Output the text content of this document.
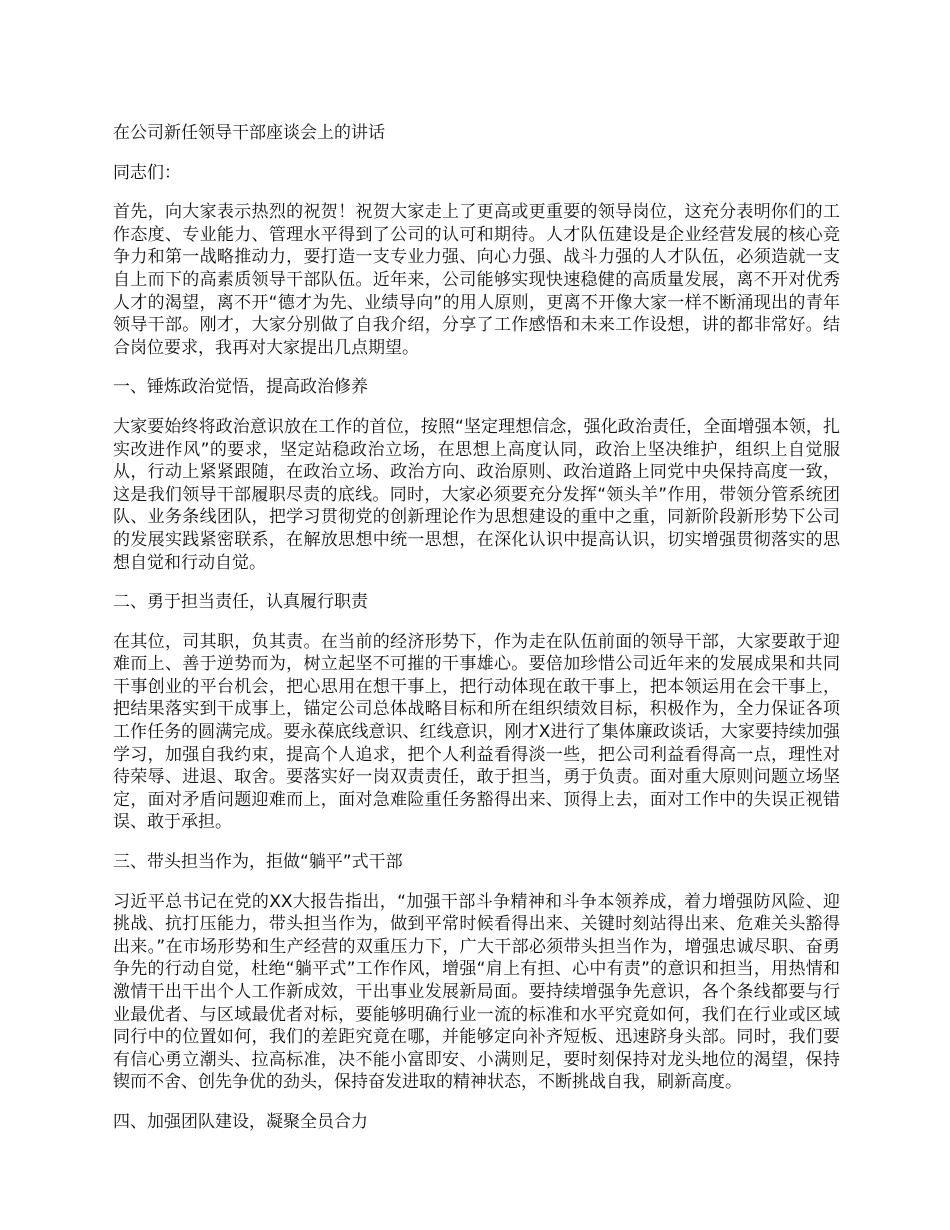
在公司新任领导干部座谈会上的讲话

同志们：

首先，向大家表示热烈的祝贺！祝贺大家走上了更高或更重要的领导岗位，这充分表明你们的工作态度、专业能力、管理水平得到了公司的认可和期待。人才队伍建设是企业经营发展的核心竞争力和第一战略推动力，要打造一支专业力强、向心力强、战斗力强的人才队伍，必须造就一支自上而下的高素质领导干部队伍。近年来，公司能够实现快速稳健的高质量发展，离不开对优秀人才的渴望，离不开“德才为先、业绩导向”的用人原则，更离不开像大家一样不断涌现出的青年领导干部。刚才，大家分别做了自我介绍，分享了工作感悟和未来工作设想，讲的都非常好。结合岗位要求，我再对大家提出几点期望。

一、锤炼政治觉悟，提高政治修养

大家要始终将政治意识放在工作的首位，按照“坚定理想信念，强化政治责任，全面增强本领，扎实改进作风”的要求，坚定站稳政治立场，在思想上高度认同，政治上坚决维护，组织上自觉服从，行动上紧紧跟随，在政治立场、政治方向、政治原则、政治道路上同党中央保持高度一致，这是我们领导干部履职尽责的底线。同时，大家必须要充分发挥“领头羊”作用，带领分管系统团队、业务条线团队，把学习贯彻党的创新理论作为思想建设的重中之重，同新阶段新形势下公司的发展实践紧密联系，在解放思想中统一思想，在深化认识中提高认识，切实增强贯彻落实的思想自觉和行动自觉。

二、勇于担当责任，认真履行职责

在其位，司其职，负其责。在当前的经济形势下，作为走在队伍前面的领导干部，大家要敢于迎难而上、善于逆势而为，树立起坚不可摧的干事雄心。要倍加珍惜公司近年来的发展成果和共同干事创业的平台机会，把心思用在想干事上，把行动体现在敢干事上，把本领运用在会干事上，把结果落实到干成事上，锚定公司总体战略目标和所在组织绩效目标，积极作为，全力保证各项工作任务的圆满完成。要永葆底线意识、红线意识，刚才X进行了集体廉政谈话，大家要持续加强学习，加强自我约束，提高个人追求，把个人利益看得淡一些，把公司利益看得高一点，理性对待荣辱、进退、取舍。要落实好一岗双责责任，敢于担当，勇于负责。面对重大原则问题立场坚定，面对矛盾问题迎难而上，面对急难险重任务豁得出来、顶得上去，面对工作中的失误正视错误、敢于承担。

三、带头担当作为，拒做“躺平”式干部

习近平总书记在党的XX大报告指出，“加强干部斗争精神和斗争本领养成，着力增强防风险、迎挑战、抗打压能力，带头担当作为，做到平常时候看得出来、关键时刻站得出来、危难关头豁得出来。”在市场形势和生产经营的双重压力下，广大干部必须带头担当作为，增强忠诚尽职、奋勇争先的行动自觉，杜绝“躺平式”工作作风，增强“肩上有担、心中有责”的意识和担当，用热情和激情干出干出个人工作新成效，干出事业发展新局面。要持续增强争先意识，各个条线都要与行业最优者、与区域最优者对标，要能够明确行业一流的标准和水平究竟如何，我们在行业或区域同行中的位置如何，我们的差距究竟在哪，并能够定向补齐短板、迅速跻身头部。同时，我们要有信心勇立潮头、拉高标准，决不能小富即安、小满则足，要时刻保持对龙头地位的渴望，保持锲而不舍、创先争优的劲头，保持奋发进取的精神状态，不断挑战自我，刷新高度。

四、加强团队建设，凝聚全员合力
